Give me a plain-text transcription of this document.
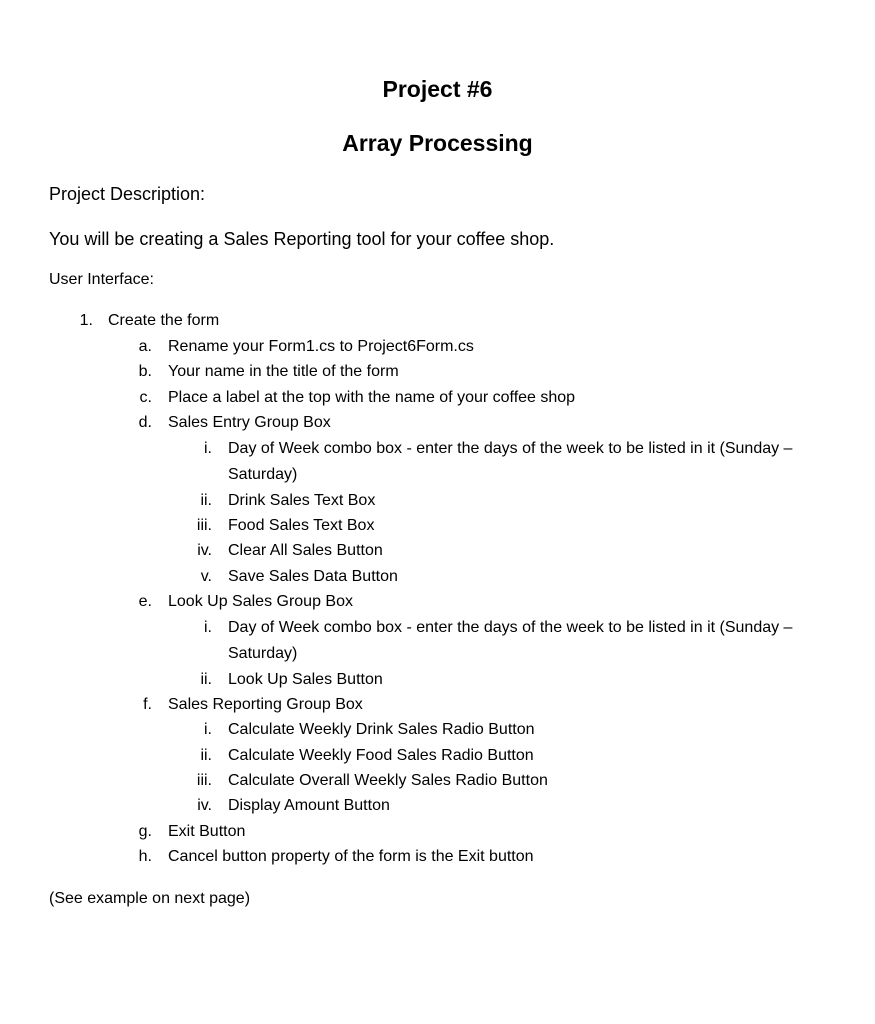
Project #6
Array Processing
Project Description:
You will be creating a Sales Reporting tool for your coffee shop.
User Interface:
1. Create the form
a. Rename your Form1.cs to Project6Form.cs
b. Your name in the title of the form
c. Place a label at the top with the name of your coffee shop
d. Sales Entry Group Box
i. Day of Week combo box - enter the days of the week to be listed in it (Sunday – Saturday)
ii. Drink Sales Text Box
iii. Food Sales Text Box
iv. Clear All Sales Button
v. Save Sales Data Button
e. Look Up Sales Group Box
i. Day of Week combo box - enter the days of the week to be listed in it (Sunday – Saturday)
ii. Look Up Sales Button
f. Sales Reporting Group Box
i. Calculate Weekly Drink Sales Radio Button
ii. Calculate Weekly Food Sales Radio Button
iii. Calculate Overall Weekly Sales Radio Button
iv. Display Amount Button
g. Exit Button
h. Cancel button property of the form is the Exit button
(See example on next page)
